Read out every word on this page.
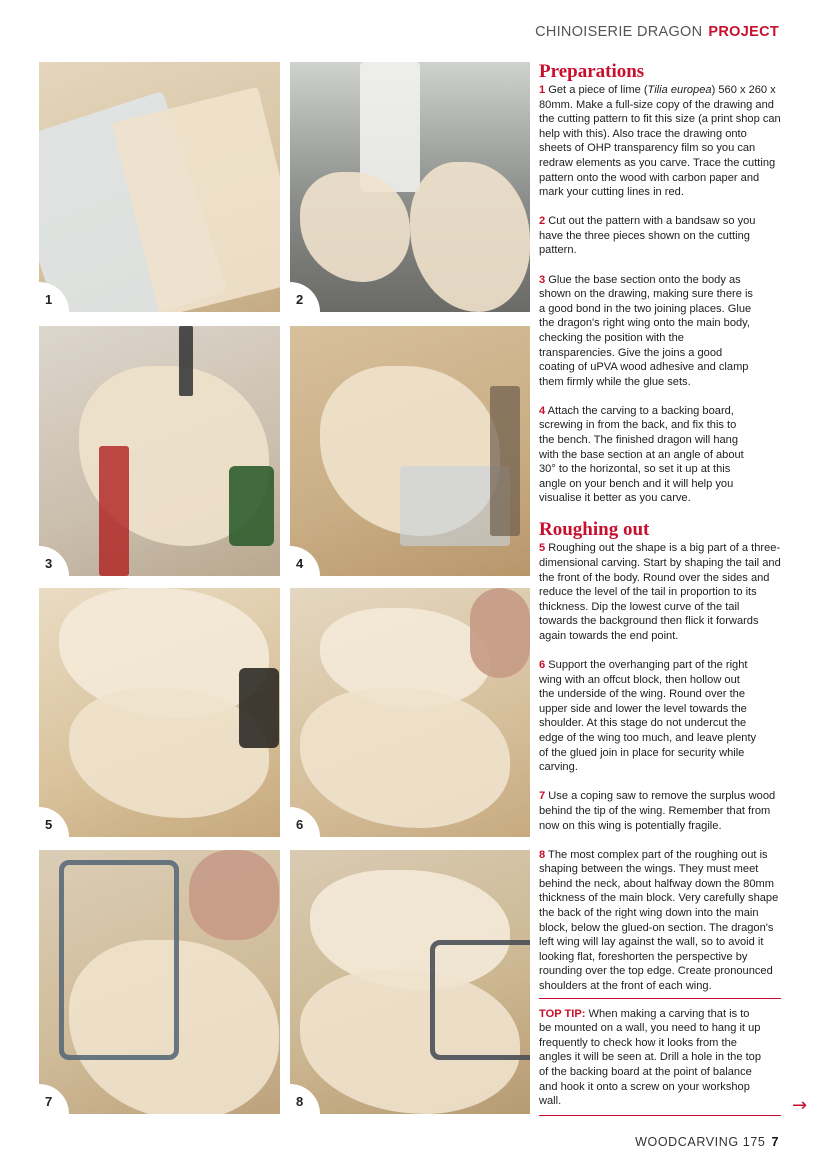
CHINOISERIE DRAGON PROJECT
1	2
3	4
5	6
7	8
Preparations

1 Get a piece of lime (Tilia europea) 560 x 260 x 80mm. Make a full-size copy of the drawing and the cutting pattern to fit this size (a print shop can help with this). Also trace the drawing onto sheets of OHP transparency film so you can redraw elements as you carve. Trace the cutting pattern onto the wood with carbon paper and mark your cutting lines in red.

2 Cut out the pattern with a bandsaw so you have the three pieces shown on the cutting pattern.

3 Glue the base section onto the body as shown on the drawing, making sure there is a good bond in the two joining places. Glue the dragon's right wing onto the main body, checking the position with the transparencies. Give the joins a good coating of uPVA wood adhesive and clamp them firmly while the glue sets.

4 Attach the carving to a backing board, screwing in from the back, and fix this to the bench. The finished dragon will hang with the base section at an angle of about 30° to the horizontal, so set it up at this angle on your bench and it will help you visualise it better as you carve.

Roughing out

5 Roughing out the shape is a big part of a three-dimensional carving. Start by shaping the tail and the front of the body. Round over the sides and reduce the level of the tail in proportion to its thickness. Dip the lowest curve of the tail towards the background then flick it forwards again towards the end point.

6 Support the overhanging part of the right wing with an offcut block, then hollow out the underside of the wing. Round over the upper side and lower the level towards the shoulder. At this stage do not undercut the edge of the wing too much, and leave plenty of the glued join in place for security while carving.

7 Use a coping saw to remove the surplus wood behind the tip of the wing. Remember that from now on this wing is potentially fragile.

8 The most complex part of the roughing out is shaping between the wings. They must meet behind the neck, about halfway down the 80mm thickness of the main block. Very carefully shape the back of the right wing down into the main block, below the glued-on section. The dragon's left wing will lay against the wall, so to avoid it looking flat, foreshorten the perspective by rounding over the top edge. Create pronounced shoulders at the front of each wing.

TOP TIP: When making a carving that is to be mounted on a wall, you need to hang it up frequently to check how it looks from the angles it will be seen at. Drill a hole in the top of the backing board at the point of balance and hook it onto a screw on your workshop wall.	→
WOODCARVING 175 7
